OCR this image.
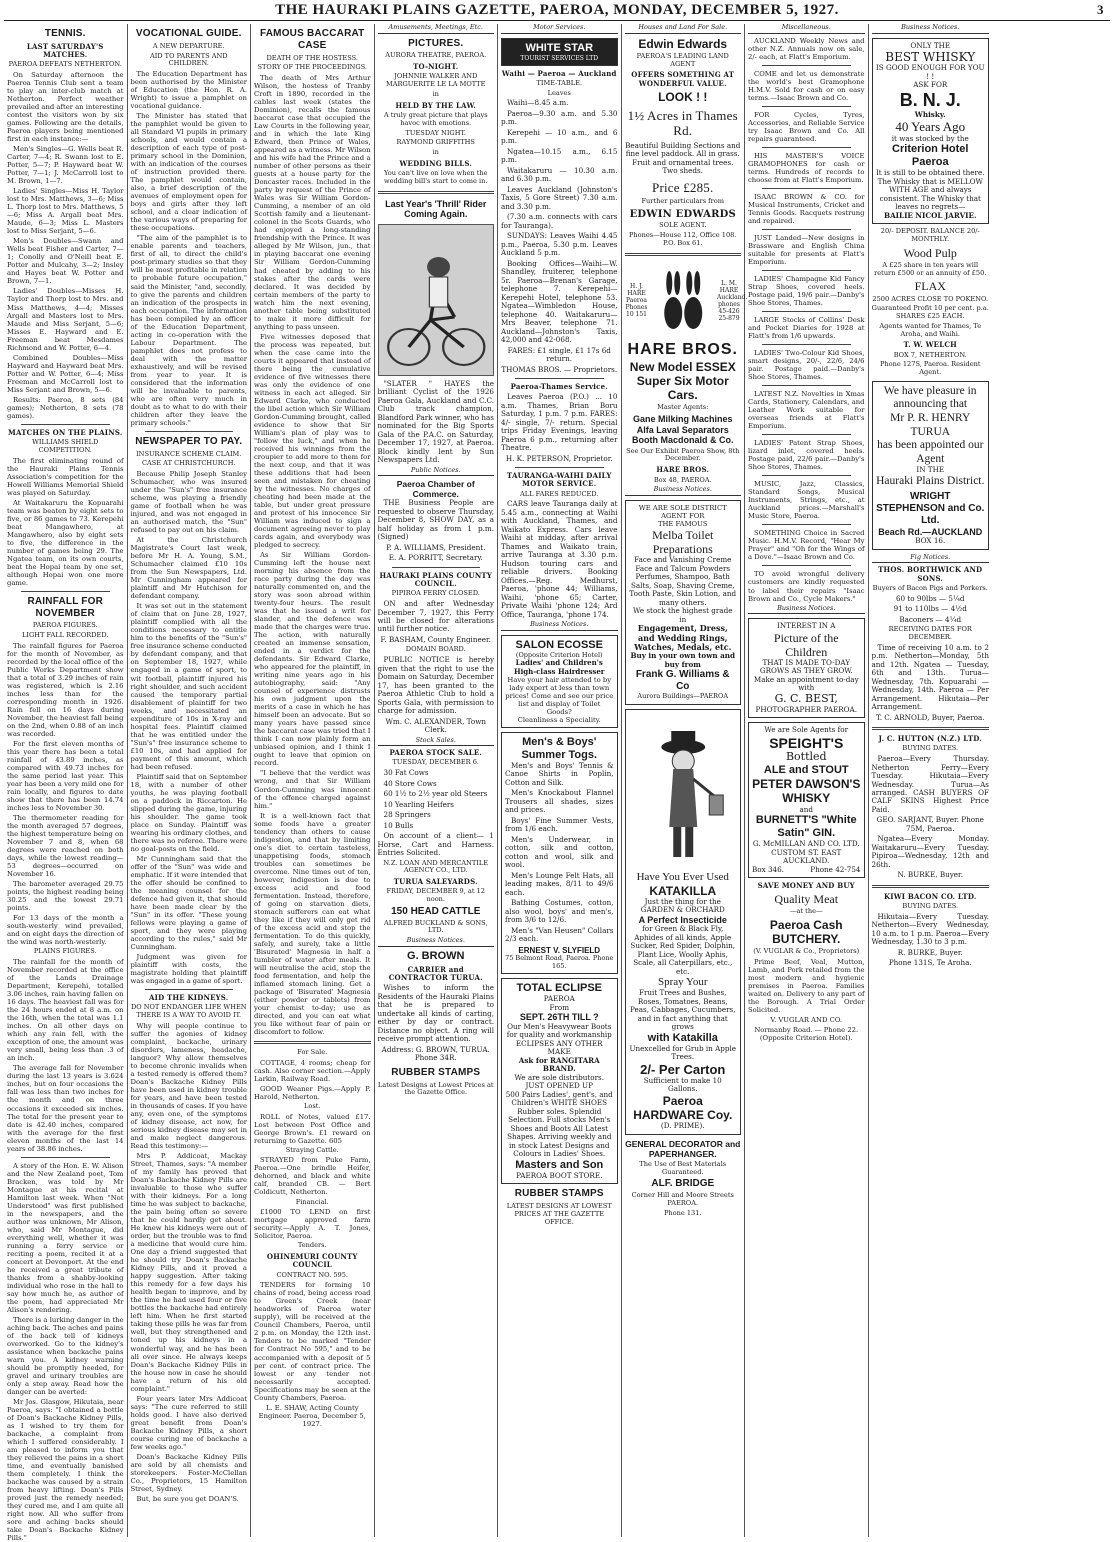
THE HAURAKI PLAINS GAZETTE, PAEROA, MONDAY, DECEMBER 5, 1927.	3
TENNIS.
LAST SATURDAY'S MATCHES.
PAEROA DEFEATS NETHERTON.

On Saturday afternoon the Paeroa Tennis Club sent a team to play an inter-club match at Netherton. Perfect weather prevailed and after an interesting contest the visitors won by six games. Following are the details, Paeroa players being mentioned first in each instance:—

Men's Singles—G. Wells beat R. Carter, 7—4; R. Swann lost to E. Potter, 5—7; P. Hayward beat W. Potter, 7—1; J. McCarroll lost to M. Brown, 1—7.

Ladies' Singles—Miss H. Taylor lost to Mrs. Matthews, 3—6; Miss L. Thorp lost to Mrs. Matthews, 5—6; Miss A. Argall beat Mrs. Maude, 6—3; Miss L. Masters lost to Miss Serjant, 5—6.

Men's Doubles—Swann and Wells beat Fisher and Carter, 7—1; Conolly and O'Neill beat E. Potter and Mulcahy, 3—2; Insley and Hayes beat W. Potter and Brown, 7—1.

Ladies' Doubles—Misses H. Taylor and Thorp lost to Mrs. and Miss Matthews, 4—4; Misses Argall and Masters lost to Mrs. Maude and Miss Serjant, 5—6; Misses E. Hayward and E. Freeman beat Mesdames Richmond and W. Potter, 6—4.

Combined Doubles—Miss Hayward and Hayward beat Mrs. Potter and W. Potter, 6—4; Miss Freeman and McCarroll lost to Miss Serjant and Brown, 5—6.

Results: Paeroa, 8 sets (84 games); Netherton, 8 sets (78 games).

MATCHES ON THE PLAINS.
WILLIAMS SHIELD COMPETITION.

The first eliminating round of the Hauraki Plains Tennis Association's competition for the Howell Williams Memorial Shield was played on Saturday.

At Waitakaruru the Kopuarahi team was beaten by eight sets to five, or 86 games to 73. Kerepehi beat Mangawhero, at Mangawhero, also by eight sets to five, the difference in the number of games being 29. The Ngatea team, on its own courts, beat the Hopai team by one set, although Hopai won one more game.

RAINFALL FOR NOVEMBER
PAEROA FIGURES.
LIGHT FALL RECORDED.

The rainfall figures for Paeroa for the month of November, as recorded by the local office of the Public Works Department show that a total of 3.29 inches of rain was registered, which is 2.16 inches less than for the corresponding month in 1926. Rain fell on 16 days during November, the heaviest fall being on the 2nd, when 0.88 of an inch was recorded.

For the first eleven months of this year there has been a total rainfall of 43.89 inches, as compared with 49.73 inches for the same period last year. This year has been a very mild one for rain locally, and figures to date show that there has been 14.74 inches less to November 30.

The thermometer reading for the month averaged 57 degrees, the highest temperature being on November 7 and 8, when 68 degrees were reached on both days, while the lowest reading—53 degrees—occurred on November 16.

The barometer averaged 29.75 points, the highest reading being 30.25 and the lowest 29.71 points.

For 13 days of the month a south-westerly wind prevailed, and on eight days the direction of the wind was north-westerly.

PLAINS FIGURES.

The rainfall for the month of November recorded at the office of the Lands Drainage Department, Kerepehi, totalled 3.06 inches, rain having fallen on 16 days. The heaviest fall was for the 24 hours ended at 8 a.m. on the 16th, when the total was 1.1 inches. On all other days on which any rain fell, with the exception of one, the amount was very small, being less than .3 of an inch.

The average fall for November during the last 13 years is 3.624 inches, but on four occasions the fall was less than two inches for the month and on three occasions it exceeded six inches. The total for the present year to date is 42.40 inches, compared with the average for the first eleven months of the last 14 years of 38.86 inches.

A story of the Hon. E. W. Alison and the New Zealand poet, Tom Bracken, was told by Mr Montague at his recital at Hamilton last week. When "Not Understood" was first published in the newspapers, and the author was unknown, Mr Alison, who, said Mr Montague, did everything well, whether it was running a ferry service or reciting a poem, recited it at a concert at Devonport. At the end he received a great tribute of thanks from a shabby-looking individual who rose in the hall to say how much he, as author of the poem, had appreciated Mr Alison's rendering.

There is a lurking danger in the aching back. The aches and pains of the back tell of kidneys overworked. Go to the kidney's assistance when backache pains warn you. A kidney warning should be promptly heeded, for gravel and urinary troubles are only a step away. Read how the danger can be averted:

Mr Jos. Glasgow, Hikutaia, near Paeroa, says: "I obtained a bottle of Doan's Backache Kidney Pills, as I wished to try them for backache, a complaint from which I suffered considerably. I am pleased to inform you that they relieved the pains in a short time, and eventually banished them completely. I think the backache was caused by a strain from heavy lifting. Doan's Pills proved just the remedy needed; they cured me, and I am quite all right now. All who suffer from sore and aching backs should take Doan's Backache Kidney Pills."

VOCATIONAL GUIDE.
A NEW DEPARTURE.
AID TO PARENTS AND CHILDREN.

The Education Department has been authorised by the Minister of Education (the Hon. R. A. Wright) to issue a pamphlet on vocational guidance.

The Minister has stated that the pamphlet would be given to all Standard VI pupils in primary schools, and would contain a description of each type of post-primary school in the Dominion, with an indication of the courses of instruction provided there. The pamphlet would contain, also, a brief description of the avenues of employment open for boys and girls after they left school, and a clear indication of the various ways of preparing for these occupations.

"The aim of the pamphlet is to enable parents and teachers, first of all, to direct the child's post-primary studies so that they will be most profitable in relation to probable future occupation," said the Minister, "and, secondly, to give the parents and children an indication of the prospects in each occupation. The information has been compiled by an officer of the Education Department, acting in co-operation with the Labour Department. The pamphlet does not profess to deal with the matter exhaustively, and will be revised from year to year. It is considered that the information will be invaluable to parents, who are often very much in doubt as to what to do with their children after they leave the primary schools."

NEWSPAPER TO PAY.
INSURANCE SCHEME CLAIM.
CASE AT CHRISTCHURCH.

Because Philip Joseph Stanley Schumacher, who was insured under the "Sun's" free insurance scheme, was playing a friendly game of football when he was injured, and was not engaged in an authorised match, the "Sun" refused to pay out on his claim.

At the Christchurch Magistrate's Court last week, before Mr H. A. Young, S.M., Schumacher claimed £10 10s from the Sun Newspapers, Ltd. Mr Cunningham appeared for plaintiff and Mr Hutchison for defendant company.

It was set out in the statement of claim that on June 28, 1927, plaintiff complied with all the conditions necessary to entitle him to the benefits of the "Sun's" free insurance scheme conducted by defendant company, and that on September 18, 1927, while engaged in a game of sport, to wit football, plaintiff injured his right shoulder, and such accident caused the temporary partial disablement of plaintiff for two weeks, and necessitated an expenditure of 10s in X-ray and hospital fees. Plaintiff claimed that he was entitled under the "Sun's" free insurance scheme to £10 10s, and had applied for payment of this amount, which had been refused.

Plaintiff said that on September 18, with a number of other youths, he was playing football on a paddock in Riccarton. He slipped during the game, injuring his shoulder. The game took place on Sunday. Plaintiff was wearing his ordinary clothes, and there was no referee. There were no goal-posts on the field.

Mr Cunningham said that the offer of the "Sun" was wide and emphatic. If it were intended that the offer should be confined to the meaning counsel for the defence had given it, that should have been made clear by the "Sun" in its offer. "These young fellows were playing a game of sport, and they were playing according to the rules," said Mr Cunningham.

Judgment was given for plaintiff with costs, the magistrate holding that plaintiff was engaged in a game of sport.

AID THE KIDNEYS.
DO NOT ENDANGER LIFE WHEN THERE IS A WAY TO AVOID IT.

Why will people continue to suffer the agonies of kidney complaint, backache, urinary disorders, lameness, headache, languor? Why allow themselves to become chronic invalids when a tested remedy is offered them? Doan's Backache Kidney Pills have been used in kidney trouble for years, and have been tested in thousands of cases. If you have any, even one, of the symptoms of kidney disease, act now, for serious kidney disease may set in and make neglect dangerous. Read this testimony:—

Mrs P. Addicoat, Mackay Street, Thames, says: "A member of my family has proved that Doan's Backache Kidney Pills are invaluable to those who suffer with their kidneys. For a long time he was subject to backache, the pain being often so severe that he could hardly get about. He knew his kidneys were out of order, but the trouble was to find a medicine that would cure him. One day a friend suggested that he should try Doan's Backache Kidney Pills, and it proved a happy suggestion. After taking this remedy for a few days his health began to improve, and by the time he had used four or five bottles the backache had entirely left him. When he first started taking these pills he was far from well, but they strengthened and toned up his kidneys in a wonderful way, and he has been all over since. He always keeps Doan's Backache Kidney Pills in the house now in case he should have a return of his old complaint."

Four years later Mrs Addicoat says: "The cure referred to still holds good. I have also derived great benefit from Doan's Backache Kidney Pills, a short course curing me of backache a few weeks ago."

Doan's Backache Kidney Pills are sold by all chemists and storekeepers. Foster-McClellan Co., Proprietors, 15 Hamilton Street, Sydney.

But, be sure you get DOAN'S.

FAMOUS BACCARAT CASE
DEATH OF THE HOSTESS.
STORY OF THE PROCEEDINGS.

The death of Mrs Arthur Wilson, the hostess of Tranby Croft in 1890, recorded in the cables last week (states the Dominion), recalls the famous baccarat case that occupied the Law Courts in the following year, and in which the late King Edward, then Prince of Wales, appeared as a witness. Mr Wilson and his wife had the Prince and a number of other persons as their guests at a house party for the Doncaster races. Included in the party by request of the Prince of Wales was Sir William Gordon-Cumming, a member of an old Scottish family and a lieutenant-colonel in the Scots Guards, who had enjoyed a long-standing friendship with the Prince. It was alleged by Mr Wilson, jun., that in playing baccarat one evening Sir William Gordon-Cumming had cheated by adding to his stakes after the cards were declared. It was decided by certain members of the party to watch him the next evening, another table being substituted to make it more difficult for anything to pass unseen.

Five witnesses deposed that the process was repeated, but when the case came into the courts it appeared that instead of there being the cumulative evidence of five witnesses there was only the evidence of one witness in each act alleged. Sir Edward Clarke, who conducted the libel action which Sir William Gordon-Cumming brought, called evidence to show that Sir William's plan of play was to "follow the luck," and when he received his winnings from the croupier to add more to them for the next coup, and that it was these additions that had been seen and mistaken for cheating by the witnesses. No charges of cheating had been made at the table, but under great pressure and protest of his innocence Sir William was induced to sign a document agreeing never to play cards again, and everybody was pledged to secrecy.

As Sir William Gordon-Cumming left the house next morning his absence from the race party during the day was naturally commented on, and the story was soon abroad within twenty-four hours. The result was that he issued a writ for slander, and the defence was made that the charges were true. The action, with naturally created an immense sensation, ended in a verdict for the defendants. Sir Edward Clarke, who appeared for the plaintiff, in writing nine years ago in his autobiography, said: "Any counsel of experience distrusts his own judgment upon the merits of a case in which he has himself been an advocate. But so many years have passed since the baccarat case was tried that I think I can now plainly form an unbiased opinion, and I think I ought to leave that opinion on record.

"I believe that the verdict was wrong, and that Sir William Gordon-Cumming was innocent of the offence charged against him."

It is a well-known fact that some foods have a greater tendency than others to cause indigestion, and that by limiting one's diet to certain tasteless, unappetising foods, stomach troubles can sometimes be overcome. Nine times out of ten, however, indigestion is due to excess acid and food fermentation. Instead, therefore, of going on starvation diets, stomach sufferers can eat what they like if they will only get rid of the excess acid and stop the fermentation. To do this quickly, safely, and surely, take a little 'Bisurated' Magnesia in half a tumbler of water after meals. It will neutralise the acid, stop the food fermentation, and help the inflamed stomach lining. Get a package of 'Bisurated' Magnesia (either powder or tablets) from your chemist to-day; use as directed, and you can eat what you like without fear of pain or discomfort to follow.

For Sale.

COTTAGE, 4 rooms; cheap for cash. Also corner section.—Apply Larkin, Railway Road.

GOOD Weaner Pigs.—Apply P. Harold, Netherton.

Lost.

ROLL of Notes, valued £17. Lost between Post Office and George Brown's. £1 reward on returning to Gazette. 605

Straying Cattle.

STRAYED from Puke Farm, Paeroa.—One brindle Heifer, dehorned, and black and white calf, branded CB. — Bert Coldicutt, Netherton.

Financial.

£1000 TO LEND on first mortgage approved farm security.—Apply A. T. Jones, Solicitor, Paeroa.

Tenders.
OHINEMURI COUNTY COUNCIL
CONTRACT NO. 595.

TENDERS for forming 10 chains of road, being access road to Green's Creek (near headworks of Paeroa water supply), will be received at the Council Chambers, Paeroa, until 2 p.m. on Monday, the 12th inst. Tenders to be marked "Tender for Contract No 595," and to be accompanied with a deposit of 5 per cent. of contract price. The lowest or any tender not necessarily accepted. Specifications may be seen at the County Chambers, Paeroa.

L. E. SHAW, Acting County Engineer. Paeroa, December 5, 1927.

Amusements, Meetings, Etc.
PICTURES.
AURORA THEATRE, PAEROA.
TO-NIGHT.
JOHNNIE WALKER AND MARGUERITE LE LA MOTTE
in
HELD BY THE LAW.
A truly great picture that plays havoc with emotions.
TUESDAY NIGHT.
RAYMOND GRIFFITHS
in
WEDDING BILLS.
You can't live on love when the wedding bill's start to come in.
Last Year's 'Thrill' Rider Coming Again.

"SLATER " HAYES the brilliant Cyclist of the 1926 Paeroa Gala, Auckland and C.C. Club track champion, Blandford Park winner, who has nominated for the Big Sports Gala of the P.A.C. on Saturday, December 17, 1927, at Paeroa. Block kindly lent by Sun Newspapers Ltd.

Public Notices.
Paeroa Chamber of Commerce.

THE Business People are requested to observe Thursday, December 8, SHOW DAY, as a half holiday as from 1 p.m. (Signed)

P. A. WILLIAMS, President.

E. A. PORRITT, Secretary.

HAURAKI PLAINS COUNTY COUNCIL.
PIPIROA FERRY CLOSED.

ON and after Wednesday December 7, 1927, this Ferry will be closed for alterations until further notice.

F. BASHAM, County Engineer.

DOMAIN BOARD.

PUBLIC NOTICE is hereby given that the right to use the Domain on Saturday, December 17, has been granted to the Paeroa Athletic Club to hold a Sports Gala, with permission to charge for admission.

Wm. C. ALEXANDER, Town Clerk.

Stock Sales.
PAEROA STOCK SALE.
TUESDAY, DECEMBER 6.

30 Fat Cows

40 Store Cows

60 1½ to 2½ year old Steers

10 Yearling Heifers

28 Springers

10 Bulls

On account of a client— 1 Horse, Cart and Harness. Entries Solicited.

N.Z. LOAN AND MERCANTILE AGENCY CO., LTD.
TURUA SALEYARDS.
FRIDAY, DECEMBER 9, at 12 noon.
150 HEAD CATTLE
ALFRED BUCKLAND & SONS, LTD.
Business Notices.
G. BROWN
CARRIER and CONTRACTOR TURUA.

Wishes to inform the Residents of the Hauraki Plains that he is prepared to undertake all kinds of carting, either by day or contract. Distance no object. A ring will receive prompt attention.

Address: G. BROWN, TURUA. Phone 34R.

RUBBER STAMPS
Latest Designs at Lowest Prices at the Gazette Office.
Motor Services.
WHITE STAR
TOURIST SERVICES LTD
Waihi — Paeroa — Auckland
TIME-TABLE.
Leaves

Waihi—8.45 a.m.

Paeroa—9.30 a.m. and 5.30 p.m.

Kerepehi — 10 a.m., and 6 p.m.

Ngatea—10.15 a.m., 6.15 p.m.

Waitakaruru — 10.30 a.m. and 6.30 p.m.

Leaves Auckland (Johnston's Taxis, 5 Gore Street) 7.30 a.m. and 3.30 p.m.

(7.30 a.m. connects with cars for Tauranga).

SUNDAYS: Leaves Waihi 4.45 p.m., Paeroa, 5.30 p.m. Leaves Auckland 5 p.m.

Booking Offices—Waihi—W. Shandley, fruiterer, telephone 5r. Paeroa—Brenan's Garage, telephone 7. Kerepehi—Kerepehi Hotel, telephone 53. Ngatea—Wimbledon House, telephone 40. Waitakaruru—Mrs Beaver, telephone 71. Auckland—Johnston's Taxis, 42,000 and 42-068.

FARES: £1 single, £1 17s 6d return.

THOMAS BROS. — Proprietors.

Paeroa-Thames Service.

Leaves Paeroa (P.O.) ... 10 a.m. Thames, Brian Boru Saturday, 1 p.m. 7 p.m. FARES: 4/- single, 7/- return. Special trips Friday Evenings, leaving Paeroa 6 p.m., returning after Theatre.

H. K. PETERSON, Proprietor.

TAURANGA-WAIHI DAILY MOTOR SERVICE.
ALL FARES REDUCED.

CARS leave Tauranga daily at 5.45 a.m., connecting at Waihi with Auckland, Thames, and Waikato Express. Cars leave Waihi at midday, after arrival Thames and Waikato train, arrive Tauranga at 3.30 p.m. Hudson touring cars and reliable drivers. Booking Offices.—Reg. Medhurst, Paeroa, 'phone 44; Williams, Waihi, 'phone 65; Carter, Private Waihi 'phone 124; Ard Office, Tauranga, 'phone 174.

Business Notices.
SALON ECOSSE
(Opposite Criterion Hotel)
Ladies' and Children's High-class Hairdresser
Have your hair attended to by lady expert at less than town prices! Come and see our price list and display of Toilet Goods?
Cleanliness a Speciality.
Men's & Boys' Summer Togs.

Men's and Boys' Tennis & Canoe Shirts in Poplin, Cotton and Silk.

Men's Knockabout Flannel Trousers all shades, sizes and prices.

Boys' Fine Summer Vests, from 1/6 each.

Men's Underwear, in cotton, silk and cotton, cotton and wool, silk and wool.

Men's Lounge Felt Hats, all leading makes, 8/11 to 49/6 each.

Bathing Costumes, cotton, also wool, boys' and men's, from 3/6 to 12/6.

Men's "Van Heusen" Collars 2/3 each.

ERNEST V. SLYFIELD
75 Belmont Road, Paeroa. Phone 165.
TOTAL ECLIPSE
PAEROA
From
SEPT. 26TH TILL ?
Our Men's Heavywear Boots for quality and workmanship ECLIPSES ANY OTHER MAKE
Ask for RANGITARA BRAND.
We are sole distributors.
JUST OPENED UP
500 Pairs Ladies', gent's, and Children's WHITE SHOES
Rubber soles. Splendid Selection. Full stocks Men's Shoes and Boots All Latest Shapes. Arriving weekly and in stock Latest Designs and Colours in Ladies' Shoes.
Masters and Son
PAEROA BOOT STORE.
RUBBER STAMPS
LATEST DESIGNS AT LOWEST PRICES AT THE GAZETTE OFFICE.
Houses and Land For Sale.
Edwin Edwards
PAEROA'S LEADING LAND AGENT
OFFERS SOMETHING AT WONDERFUL VALUE.
LOOK ! !
1½ Acres in Thames Rd.

Beautiful Building Sections and fine level paddock. All in grass. Fruit and ornamental trees. Two sheds.

Price £285.
Further particulars from
EDWIN EDWARDS
SOLE AGENT.
Phones—House 112, Office 108. P.O. Box 61.
H. J. HARE Paeroa Phones 10 151
L. M. HARE Auckland. phones 45-426 25-879
HARE BROS.
New Model ESSEX
Super Six Motor Cars.
Master Agents:
Gane Milking Machines Alfa Laval Separators Booth Macdonald & Co.
See Our Exhibit Paeroa Show, 8th December.
HARE BROS.
Box 48, PAEROA.
Business Notices.
WE ARE SOLE DISTRICT AGENT FOR
THE FAMOUS
Melba Toilet Preparations
Face and Vanishing Creme Face and Talcum Powders Perfumes, Shampoo, Bath Salts, Soap, Shaving Creme, Tooth Paste, Skin Lotion, and many others.
We stock the highest grade in
Engagement, Dress, and Wedding Rings, Watches, Medals, etc.
Buy in your own town and buy from
Frank G. Williams & Co
Aurora Buildings—PAEROA
Have You Ever Used
KATAKILLA
Just the thing for the GARDEN & ORCHARD
A Perfect Insecticide
for Green & Black Fly, Aphides of all kinds, Apple Sucker, Red Spider, Dolphin, Plant Lice, Woolly Aphis, Scale, all Caterpillars, etc., etc.
Spray Your
Fruit Trees and Bushes, Roses, Tomatoes, Beans, Peas, Cabbages, Cucumbers, and in fact anything that grows
with Katakilla
Unexcelled for Grub in Apple Trees.
2/- Per Carton
Sufficient to make 10 Gallons.
Paeroa HARDWARE Coy.
(D. PRIME).
GENERAL DECORATOR and PAPERHANGER.
The Use of Best Materials Guaranteed.
ALF. BRIDGE
Corner Hill and Moore Streets PAEROA.
Phone 131.
Miscellaneous.

AUCKLAND Weekly News and other N.Z. Annuals now on sale, 2/- each, at Flatt's Emporium.

COME and let us demonstrate the world's best Gramophone H.M.V. Sold for cash or on easy terms.—Isaac Brown and Co.

FOR Cycles, Tyres, Accessories, and Reliable Service try Isaac Brown and Co. All repairs guaranteed.

HIS MASTER'S VOICE GRAMOPHONES for cash or terms. Hundreds of records to choose from at Flatt's Emporium.

ISAAC BROWN & CO. for Musical Instruments, Cricket and Tennis Goods. Racquets restrung and repaired.

JUST Landed—New designs in Brassware and English China suitable for presents at Flatt's Emporium.

LADIES' Champagne Kid Fancy Strap Shoes, covered heels. Postage paid, 19/6 pair.—Danby's Shoe Stores, Thames.

LARGE Stocks of Collins' Desk and Pocket Diaries for 1928 at Flatt's from 1/6 upwards.

LADIES' Two-Colour Kid Shoes, smart designs, 20/-, 22/6, 24/6 pair. Postage paid.—Danby's Shoe Stores, Thames.

LATEST N.Z. Novelties in Xmas Cards, Stationery, Calendars, and Leather Work suitable for overseas friends at Flatt's Emporium.

LADIES' Patent Strap Shoes, lizard inlet, covered heels. Postage paid, 22/6 pair.—Danby's Shoe Stores, Thames.

MUSIC, Jazz, Classics, Standard Songs, Musical Instruments, Strings, etc., at Auckland prices.—Marshall's Music Store, Paeroa.

SOMETHING Choice in Sacred Music. H.M.V. Record, "Hear My Prayer" and "Oh for the Wings of a Dove."—Isaac Brown and Co.

TO avoid wrongful delivery customers are kindly requested to label their repairs "Isaac Brown and Co., Cycle Makers."

Business Notices.
INTEREST IN A
Picture of the Children
THAT IS MADE TO-DAY
GROWS AS THEY GROW.
Make an appointment to-day with
G. C. BEST,
PHOTOGRAPHER PAEROA.
We are Sole Agents for
SPEIGHT'S
Bottled
ALE and STOUT
PETER DAWSON'S WHISKY
and
BURNETT'S "White Satin" GIN.
G. McMILLAN AND CO. LTD.
CUSTOM ST. EAST AUCKLAND.
Box 346.	Phone 42-754
SAVE MONEY AND BUY
Quality Meat
—at the—
Paeroa Cash BUTCHERY.
(V. VUGLAR & Co., Proprietors)

Prime Beef, Veal, Mutton, Lamb, and Pork retailed from the most modern and hygienic premises in Paeroa. Families waited on. Delivery to any part of the Borough. A Trial Order Solicited.

V. VUGLAR AND CO.

Normanby Road. — Phone 22. (Opposite Criterion Hotel).

Business Notices.
ONLY THE
BEST WHISKY
IS GOOD ENOUGH FOR YOU ! !
ASK FOR
B. N. J.
Whisky.
40 Years Ago
it was stocked by the
Criterion Hotel Paeroa
It is still to be obtained there.
The Whisky that is MELLOW WITH AGE and always consistent. The Whisky that leaves no regrets—
BAILIE NICOL JARVIE.
20/- DEPOSIT. BALANCE 20/- MONTHLY.
Wood Pulp
A £25 share in ten years will return £500 or an annuity of £50.
FLAX
2500 ACRES CLOSE TO POKENO.
Guaranteed Profit 10 per cent. p.a. SHARES £25 EACH.
Agents wanted for Thames, Te Aroha, and Waihi.
T. W. WELCH
BOX 7, NETHERTON.
Phone 127S, Paeroa. Resident Agent.
We have pleasure in announcing that
Mr P. R. HENRY TURUA
has been appointed our Agent
IN THE
Hauraki Plains District.
WRIGHT STEPHENSON and Co. Ltd.
Beach Rd.—AUCKLAND
BOX 16.
Fig Notices.
THOS. BORTHWICK AND SONS.
Buyers of Bacon Pigs and Porkers.

60 to 90lbs — 5¼d

91 to 110lbs — 4½d

Baconers — 4¼d

RECEIVING DATES FOR DECEMBER.

Time of receiving 10 a.m. to 2 p.m. Netherton—Monday, 5th and 12th. Ngatea — Tuesday, 6th and 13th. Turua—Wednesday, 7th. Kopuarahi — Wednesday, 14th. Paeroa — Per Arrangement. Hikutaia—Per Arrangement.

T. C. ARNOLD, Buyer, Paeroa.

J. C. HUTTON (N.Z.) LTD.
BUYING DATES.

Paeroa—Every Thursday. Netherton Ferry—Every Tuesday. Hikutaia—Every Wednesday. Turua—As arranged. CASH BUYERS OF CALF SKINS Highest Price Paid.

GEO. SARJANT, Buyer. Phone 75M, Paeroa.

Ngatea—Every Monday. Waitakaruru—Every Tuesday. Pipiroa—Wednesday, 12th and 26th.

N. BURKE, Buyer.

KIWI BACON CO. LTD.
BUYING DATES.

Hikutaia—Every Tuesday. Netherton—Every Wednesday, 10 a.m. to 1 p.m. Paeroa—Every Wednesday, 1.30 to 3 p.m.

R. BURKE, Buyer.

Phone 131S, Te Aroha.
